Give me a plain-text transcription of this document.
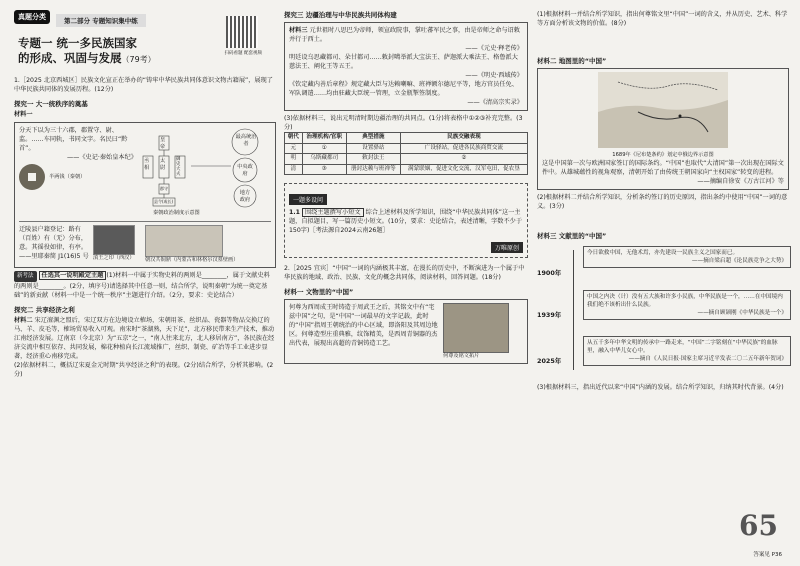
真题分类	第二部分 专题知识集中练
专题一 统一多民族国家
的形成、巩固与发展（79考）
扫码看题 配套视频

1.［2025 北京西城区］民族文化宣正在举办的“铸牢中华民族共同体意识文物古籍展”，展现了中华民族共同体的发展历程。(12分)

探究一 大一统秩序的奠基
材料一

分天下以为三十六郡，郡置守、尉、监。……车同轨，书同文字。名民曰“黔首”。

——《史记·秦始皇本纪》

半两钱（秦朝）
最高统治者
皇帝
丞相
太尉
御史大夫
郡守
县令(或长)
中央政府
地方政府
秦朝政治制度示意图

迁陵县户籍登记：路有（百姓）有（无）分布，意。其徭役如律，有亭。

——里耶秦简 J1(16)5 号 滇王之印（西汉）	朝汉共铜鼎（内蒙古和林格尔汉墓壁画）

新考法 任选其一说明殿定主题 (1)材料一中属于实物史料的两则是________，属于文献史料的两则是________。(2分，填序号)请选择其中任意一则，结合所学，说明秦朝“为统一奠定基础”的新贡献（材料一中是一个统一秩序”主题进行介绍。（2分，要求：史论结合）

探究二 共享经济之利

材料二 宋辽澶渊之盟后，宋辽双方在边境设立榷场，宋朝用茶、丝织品、瓷器等物品交换辽的马、羊、皮毛等，榷场贸易收入可观。南宋时“茶湖熟，天下足”，北方移民带来生产技术，推动江南经济发展。辽南京（今北京）为“五京”之一，“南人往来北方，北人移居南方”，各民族在经济交流中相互依存、共同发展，棉花种植向长江流域推广，丝织、制瓷、矿冶等手工业进步显著，经济重心南移完成。

(2)依据材料二，概括辽宋夏金元时期“共享经济之利”的表现。(2分)结合所学，分析其影响。(2分)

探究三 边疆治理与中华民族共同体构建

材料三 元世祖时八思巴为帝师，领宣政院事，掌吐蕃军民之事，由是帝师之命与诏敕并行于西土。

——《元史·释老传》

明廷设乌思藏都司、朵甘都司……敕封噶举派大宝法王、萨迦派大乘法王、格鲁派大慈法王、阐化王等五王。

——《明史·西域传》

《钦定藏内善后章程》规定藏大臣与达赖喇嘛、班禅额尔德尼平等，地方官员任免、军队调遣……均由驻藏大臣统一管理，立金瓶掣签制度。

——《清高宗实录》

(3)依据材料三，说出元明清时期边疆治理的共同点。(1分)将表格中①②③补充完整。(3分)

朝代	治理机构/官职	典型措施	民族交融表现
元	①	设置驿站	广设驿站，促进各民族商贸交流
明	乌斯藏都司	敕封法王	②
清	③	册封达赖与班禅等	满蒙联姻，促进文化交流，汉军屯田，促农垦
一题多设问

1.1 围绕主题撰写小短文 综合上述材料及所学知识，围绕“中华民族共同体”这一主题，自拟题目，写一篇历史小短文。(10分，要求：史论结合，表述清晰，字数不少于150字)［考法源自2024云南26题］

万唯原创

2.［2025 宜宾］“中国”一词的内涵极其丰富，在漫长的历史中，不断演进为一个属于中华民族的地域、政治、民族、文化的概念共同体，阅读材料，回答问题。(18分)

材料一 文物里的“中国”

何尊为西周成王时铸造于周武王之后，其铭文中有“宅兹中国”之句，是“中国”一词最早的文字记载，此时的“中国”指周王朝统治的中心区域，即洛阳及其周边地区。何尊造型庄重典雅，纹饰精美，是西周青铜器的杰出代表，展现出高超的青铜铸造工艺。

何尊及铭文拓片

(1)根据材料一并结合所学知识，指出何尊铭文里“中国”一词的含义，并从历史、艺术、科学等方面分析该文物的价值。(8分)

材料二 地图里的“中国”
1689年《尼布楚条约》划定中俄边界示意图

这是中国第一次与欧洲国家签订的国际条约。“中国”也取代“大清国”第一次出现在国际文件中。从雄城蕴性的视角观察，清朝开始了由传统王朝国家向“主权国家”转变的进程。

——摘编自徐安《万古江河》等

(2)根据材料二并结合所学知识，分析条约签订的历史原因，指出条约中使用“中国”一词的意义。(3分)

材料三 文献里的“中国”
1900年
今日欲救中国，无他术焉，亦先建设一民族主义之国家而已。
——摘自梁启超《论民族竞争之大势》
1939年
中国之内决（计）没有五大族和许多小民族，中华民族是一个，……在中国境内我们绝不该析出什么民族。
——摘自顾颉刚《中华民族是一个》
2025年
从五千多年中华文明的传承中一路走来，“中国”二字铭刻在“中华民族”的血脉里，融入中华儿女心中。
——摘自《人民日报·国家主席习近平发表二〇二五年新年贺词》

(3)根据材料三，指出近代以来“中国”内涵的发展。结合所学知识，归纳其时代背景。(4分)

65
答案见 P36
